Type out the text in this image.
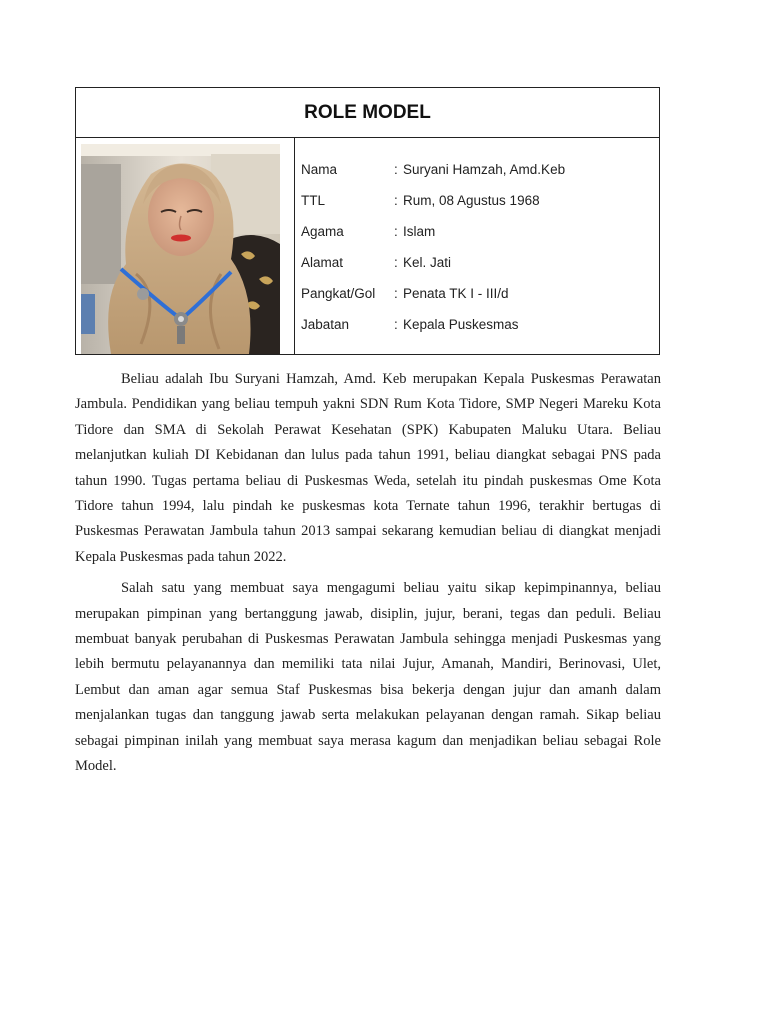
ROLE MODEL
Nama	: Suryani Hamzah, Amd.Keb
TTL	: Rum, 08 Agustus 1968
Agama	: Islam
Alamat	: Kel. Jati
Pangkat/Gol	: Penata TK I - III/d
Jabatan	: Kepala Puskesmas

Beliau adalah Ibu Suryani Hamzah, Amd. Keb merupakan Kepala Puskesmas Perawatan Jambula. Pendidikan yang beliau tempuh yakni SDN Rum Kota Tidore, SMP Negeri Mareku Kota Tidore dan SMA di Sekolah Perawat Kesehatan (SPK) Kabupaten Maluku Utara. Beliau melanjutkan kuliah DI Kebidanan dan lulus pada tahun 1991, beliau diangkat sebagai PNS pada tahun 1990. Tugas pertama beliau di Puskesmas Weda, setelah itu pindah puskesmas Ome Kota Tidore tahun 1994, lalu pindah ke puskesmas kota Ternate tahun 1996, terakhir bertugas di Puskesmas Perawatan Jambula tahun 2013 sampai sekarang kemudian beliau di diangkat menjadi Kepala Puskesmas pada tahun 2022.

Salah satu yang membuat saya mengagumi beliau yaitu sikap kepimpinannya, beliau merupakan pimpinan yang bertanggung jawab, disiplin, jujur, berani, tegas dan peduli. Beliau membuat banyak perubahan di Puskesmas Perawatan Jambula sehingga menjadi Puskesmas yang lebih bermutu pelayanannya dan memiliki tata nilai Jujur, Amanah, Mandiri, Berinovasi, Ulet, Lembut dan aman agar semua Staf Puskesmas bisa bekerja dengan jujur dan amanh dalam menjalankan tugas dan tanggung jawab serta melakukan pelayanan dengan ramah. Sikap beliau sebagai pimpinan inilah yang membuat saya merasa kagum dan menjadikan beliau sebagai Role Model.
